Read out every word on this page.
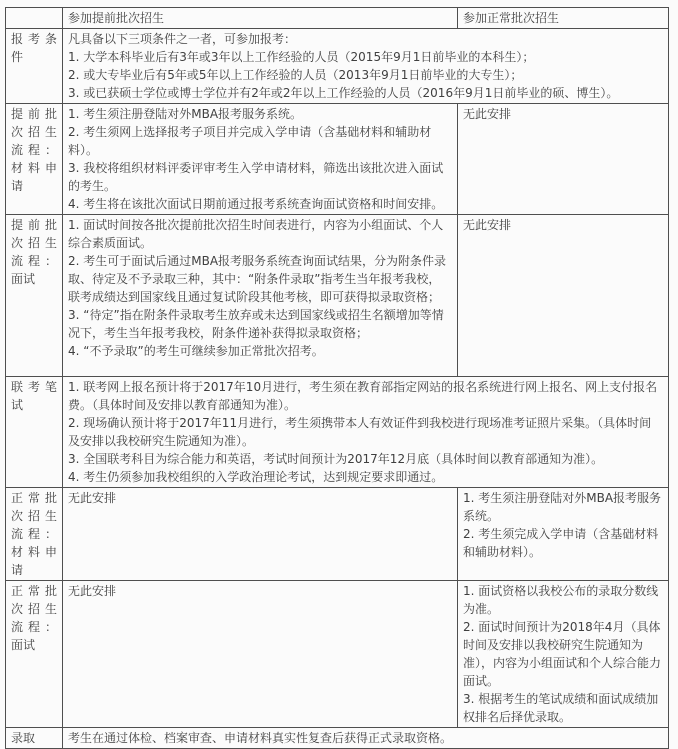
	参加提前批次招生	参加正常批次招生
报考条件	凡具备以下三项条件之一者，可参加报考：

1. 大学本科毕业后有3年或3年以上工作经验的人员（2015年9月1日前毕业的本科生）；

2. 或大专毕业后有5年或5年以上工作经验的人员（2013年9月1日前毕业的大专生）；

3. 或已获硕士学位或博士学位并有2年或2年以上工作经验的人员（2016年9月1日前毕业的硕、博生）。	

提前批次招生流程：材料申请	1. 考生须注册登陆对外MBA报考服务系统。

2. 考生须网上选择报考子项目并完成入学申请（含基础材料和辅助材料）。

3. 我校将组织材料评委评审考生入学申请材料，筛选出该批次进入面试的考生。

4. 考生将在该批次面试日期前通过报考系统查询面试资格和时间安排。	无此安排

提前批次招生流程：面试	1. 面试时间按各批次提前批次招生时间表进行，内容为小组面试、个人综合素质面试。

2. 考生可于面试后通过MBA报考服务系统查询面试结果，分为附条件录取、待定及不予录取三种，其中：“附条件录取”指考生当年报考我校，联考成绩达到国家线且通过复试阶段其他考核，即可获得拟录取资格；

3. “待定”指在附条件录取考生放弃或未达到国家线或招生名额增加等情况下，考生当年报考我校，附条件递补获得拟录取资格；

4. “不予录取”的考生可继续参加正常批次招考。	无此安排

联考笔试	1. 联考网上报名预计将于2017年10月进行，考生须在教育部指定网站的报名系统进行网上报名、网上支付报名费。（具体时间及安排以教育部通知为准）。

2. 现场确认预计将于2017年11月进行，考生须携带本人有效证件到我校进行现场准考证照片采集。（具体时间及安排以我校研究生院通知为准）。

3. 全国联考科目为综合能力和英语，考试时间预计为2017年12月底（具体时间以教育部通知为准）。

4. 考生仍须参加我校组织的入学政治理论考试，达到规定要求即通过。	

正常批次招生流程：材料申请	无此安排	1. 考生须注册登陆对外MBA报考服务系统。

2. 考生须完成入学申请（含基础材料和辅助材料）。

正常批次招生流程：面试	无此安排	1. 面试资格以我校公布的录取分数线为准。

2. 面试时间预计为2018年4月（具体时间及安排以我校研究生院通知为准），内容为小组面试和个人综合能力面试。

3. 根据考生的笔试成绩和面试成绩加权排名后择优录取。

录取	考生在通过体检、档案审查、申请材料真实性复查后获得正式录取资格。	
